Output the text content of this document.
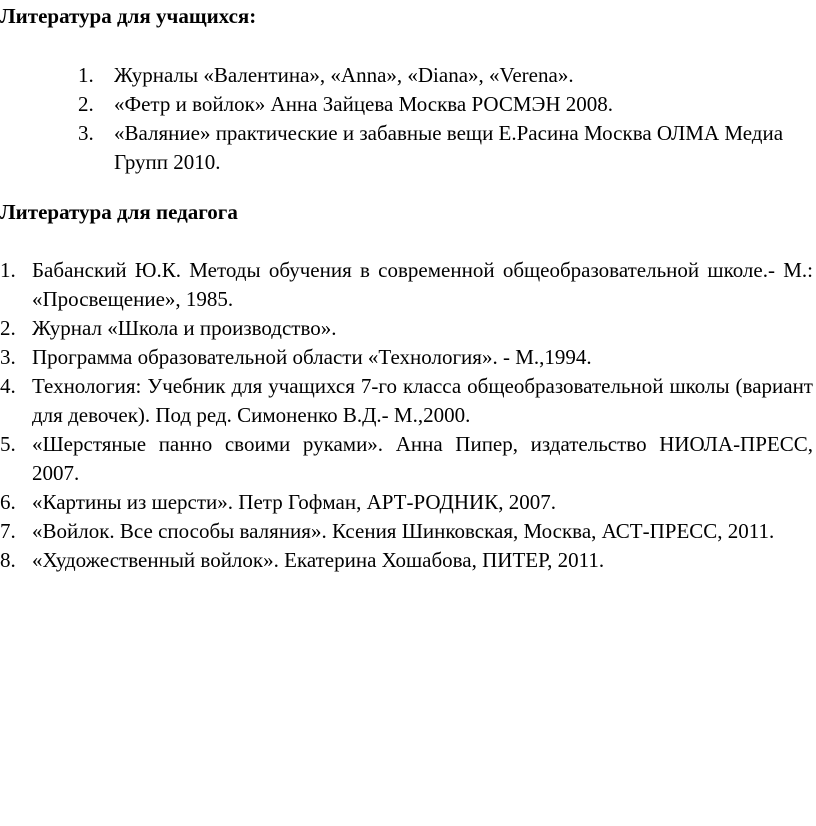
Литература для учащихся:
1. Журналы «Валентина», «Anna», «Diana», «Verena».
2. «Фетр и войлок» Анна Зайцева Москва РОСМЭН 2008.
3. «Валяние» практические и забавные вещи Е.Расина Москва ОЛМА Медиа Групп 2010.
Литература для педагога
1. Бабанский Ю.К. Методы обучения в современной общеобразовательной школе.- М.: «Просвещение», 1985.
2. Журнал «Школа и производство».
3. Программа образовательной области «Технология». - М.,1994.
4. Технология: Учебник для учащихся 7-го класса общеобразовательной школы (вариант для девочек). Под ред. Симоненко В.Д.- М.,2000.
5. «Шерстяные панно своими руками». Анна Пипер, издательство НИОЛА-ПРЕСС, 2007.
6. «Картины из шерсти». Петр Гофман, АРТ-РОДНИК, 2007.
7. «Войлок. Все способы валяния». Ксения Шинковская, Москва, АСТ-ПРЕСС, 2011.
8. «Художественный войлок». Екатерина Хошабова, ПИТЕР, 2011.
